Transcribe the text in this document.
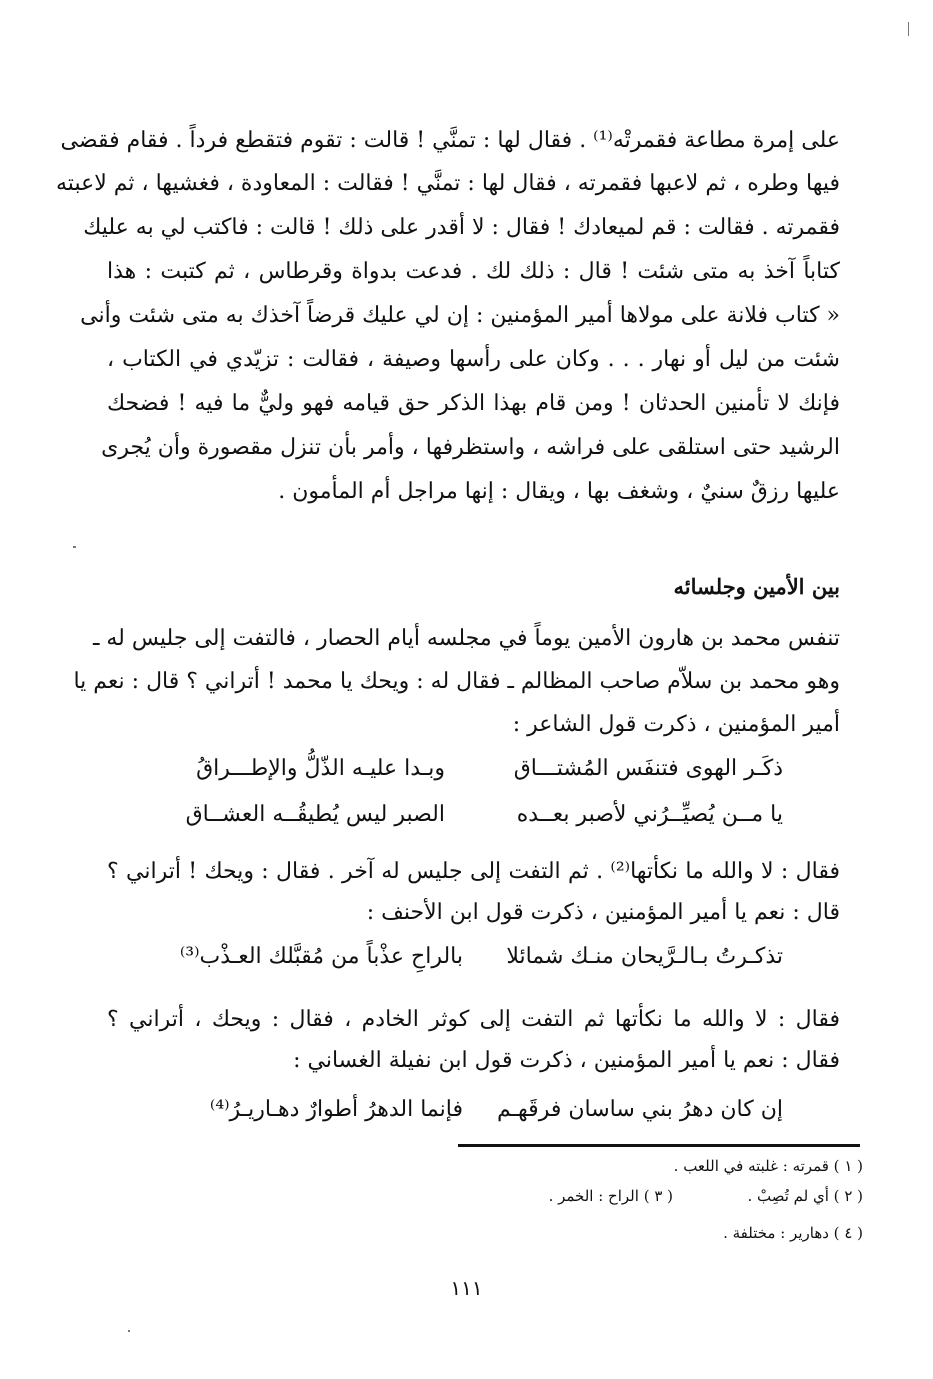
على إمرة مطاعة فقمرتْه⁽¹⁾ . فقال لها : تمنَّي ! قالت : تقوم فتقطع فرداً . فقام فقضى
فيها وطره ، ثم لاعبها فقمرته ، فقال لها : تمنَّي ! فقالت : المعاودة ، فغشيها ، ثم لاعبته
فقمرته . فقالت : قم لميعادك ! فقال : لا أقدر على ذلك ! قالت : فاكتب لي به عليك
كتاباً آخذ به متى شئت ! قال : ذلك لك . فدعت بدواة وقرطاس ، ثم كتبت : هذا
« كتاب فلانة على مولاها أمير المؤمنين : إن لي عليك قرضاً آخذك به متى شئت وأنى
شئت من ليل أو نهار . . . وكان على رأسها وصيفة ، فقالت : تزيّدي في الكتاب ،
فإنك لا تأمنين الحدثان ! ومن قام بهذا الذكر حق قيامه فهو وليٌّ ما فيه ! فضحك
الرشيد حتى استلقى على فراشه ، واستظرفها ، وأمر بأن تنزل مقصورة وأن يُجرى
عليها رزقٌ سنيٌ ، وشغف بها ، ويقال : إنها مراجل أم المأمون .
بين الأمين وجلسائه
تنفس محمد بن هارون الأمين يوماً في مجلسه أيام الحصار ، فالتفت إلى جليس له ـ
وهو محمد بن سلاّم صاحب المظالم ـ فقال له : ويحك يا محمد ! أتراني ؟ قال : نعم يا
أمير المؤمنين ، ذكرت قول الشاعر :
ذكَـر الهوى فتنفَس المُشتـــاق
وبـدا عليـه الذّلُّ والإطـــراقُ
يا مــن يُصيِّــرُني لأصبر بعــده
الصبر ليس يُطيقُــه العشــاق
فقال : لا والله ما نكأتها⁽²⁾ . ثم التفت إلى جليس له آخر . فقال : ويحك ! أتراني ؟
قال : نعم يا أمير المؤمنين ، ذكرت قول ابن الأحنف :
تذكـرتُ بـالـرَّيحان منـك شمائلا
بالراحِ عذْباً من مُقبَّلك العـذْب⁽³⁾
فقال : لا والله ما نكأتها ثم التفت إلى كوثر الخادم ، فقال : ويحك ، أتراني ؟
فقال : نعم يا أمير المؤمنين ، ذكرت قول ابن نفيلة الغساني :
إن كان دهرُ بني ساسان فرقَهـم
فإنما الدهرُ أطوارٌ دهـاريـرُ⁽⁴⁾
( ١ ) قمرته : غلبته في اللعب .
( ٢ ) أي لم تُصِبْ .
( ٣ ) الراح : الخمر .
( ٤ ) دهارير : مختلفة .
١١١
